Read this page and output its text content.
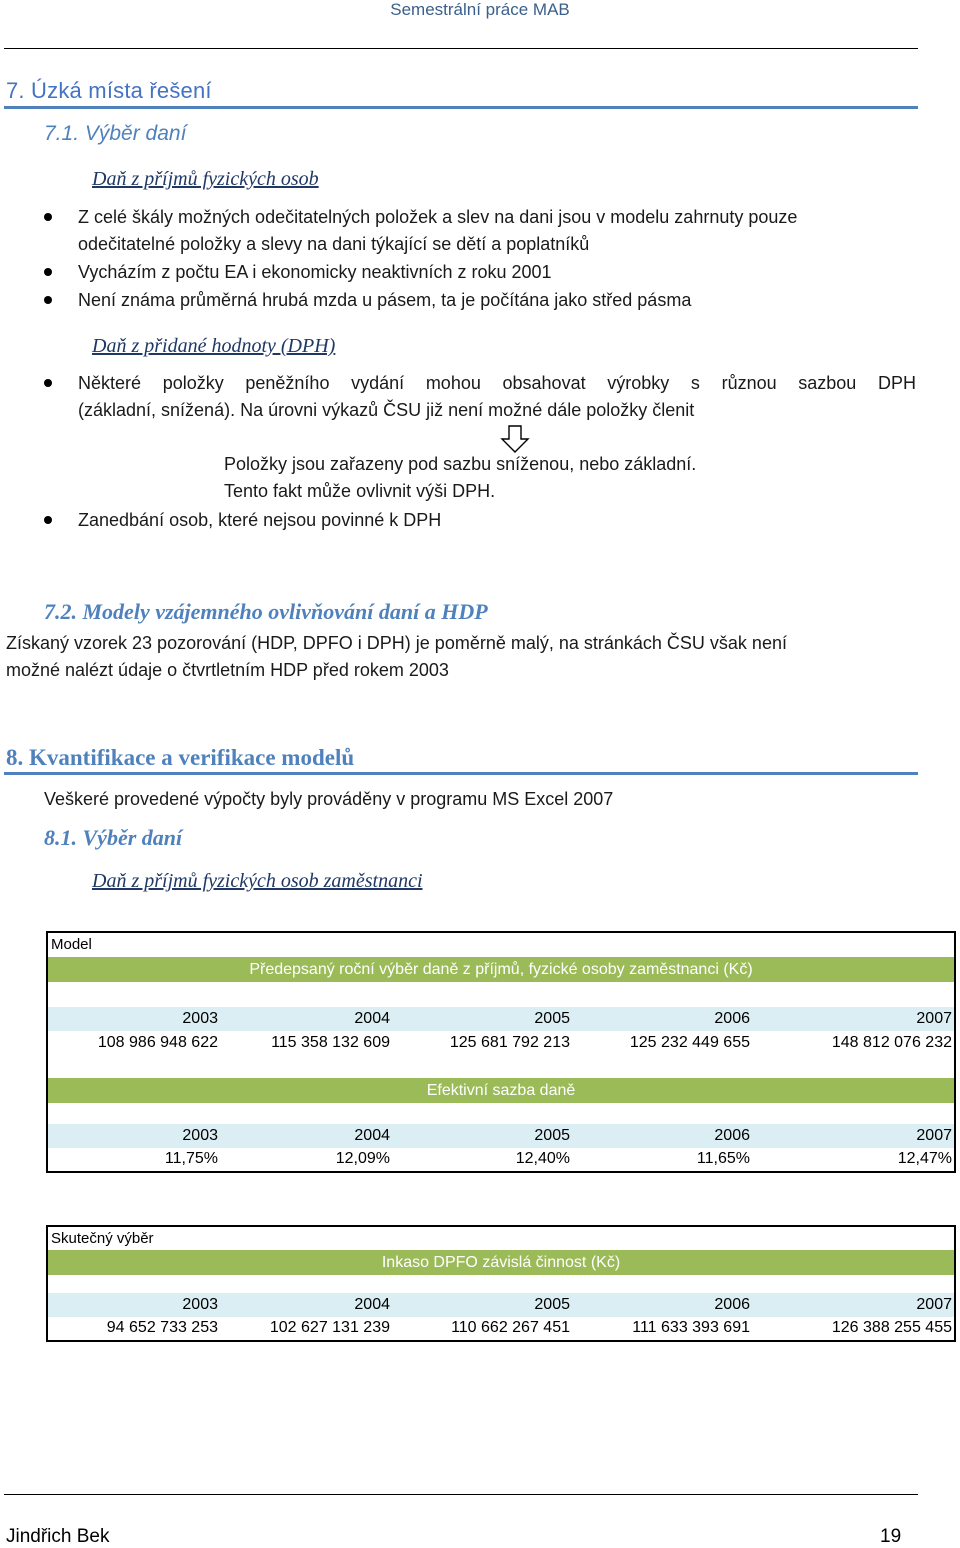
Semestrální práce MAB
7. Úzká místa řešení
7.1. Výběr daní
Daň z příjmů fyzických osob
Z celé škály možných odečitatelných položek a slev na dani jsou v modelu zahrnuty pouze
odečitatelné položky a slevy na dani týkající se dětí a poplatníků
Vycházím z počtu EA i ekonomicky neaktivních z roku 2001
Není známa průměrná hrubá mzda u pásem, ta je počítána jako střed pásma
Daň z přidané hodnoty (DPH)
Některé položky peněžního vydání mohou obsahovat výrobky s různou sazbou DPH
(základní, snížená). Na úrovni výkazů ČSU již není možné dále položky členit
Položky jsou zařazeny pod sazbu sníženou, nebo základní.
Tento fakt může ovlivnit výši DPH.
Zanedbání osob, které nejsou povinné k DPH
7.2. Modely vzájemného ovlivňování daní a HDP
Získaný vzorek 23 pozorování (HDP, DPFO i DPH) je poměrně malý, na stránkách ČSU však není
možné nalézt údaje o čtvrtletním HDP před rokem 2003
8. Kvantifikace a verifikace modelů
Veškeré provedené výpočty byly prováděny v programu MS Excel 2007
8.1. Výběr daní
Daň z příjmů fyzických osob zaměstnanci
Model
Předepsaný roční výběr daně z příjmů, fyzické osoby zaměstnanci (Kč)
2003	2004	2005	2006	2007
108 986 948 622	115 358 132 609	125 681 792 213	125 232 449 655	148 812 076 232
Efektivní sazba daně
2003	2004	2005	2006	2007
11,75%	12,09%	12,40%	11,65%	12,47%
Skutečný výběr
Inkaso DPFO závislá činnost (Kč)
2003	2004	2005	2006	2007
94 652 733 253	102 627 131 239	110 662 267 451	111 633 393 691	126 388 255 455
Jindřich Bek	19
